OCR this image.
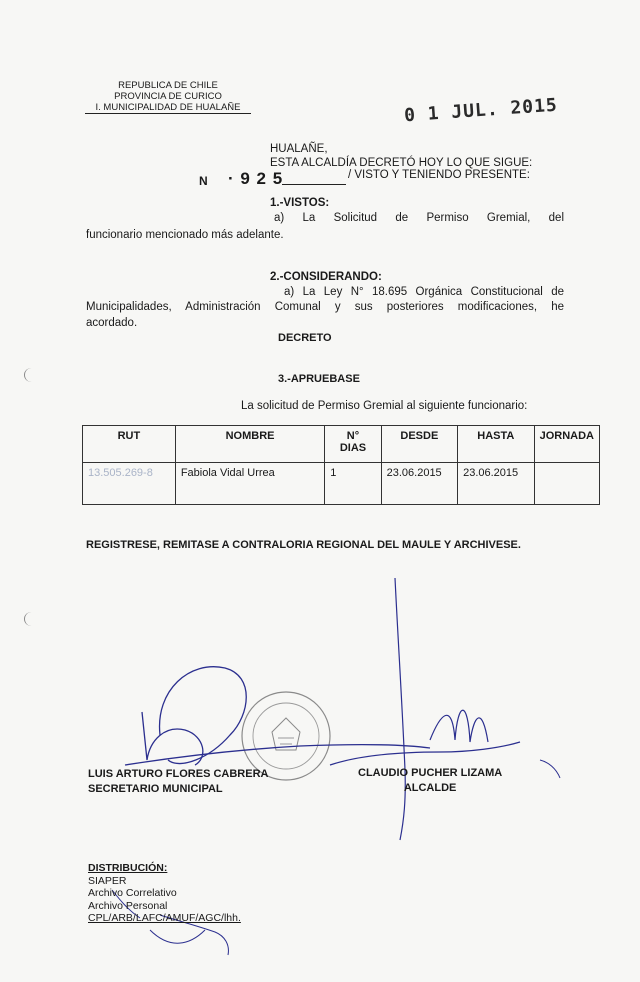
REPUBLICA DE CHILE
PROVINCIA DE CURICO
I. MUNICIPALIDAD DE HUALAÑE	0 1 JUL. 2015
HUALAÑE,
ESTA ALCALDÍA DECRETÓ HOY LO QUE SIGUE:
N · 9 2 5	/ VISTO Y TENIENDO PRESENTE:
1.-VISTOS:
a) La Solicitud de Permiso Gremial, del
funcionario mencionado más adelante.
2.-CONSIDERANDO:
a) La Ley N° 18.695 Orgánica Constitucional de
Municipalidades, Administración Comunal y sus posteriores modificaciones, he
acordado.
DECRETO
3.-APRUEBASE
La solicitud de Permiso Gremial al siguiente funcionario:
RUT	NOMBRE	N° DIAS	DESDE	HASTA	JORNADA
13.505.269-8	Fabiola Vidal Urrea	1	23.06.2015	23.06.2015	
REGISTRESE, REMITASE A CONTRALORIA REGIONAL DEL MAULE Y ARCHIVESE.
LUIS ARTURO FLORES CABRERA
SECRETARIO MUNICIPAL
CLAUDIO PUCHER LIZAMA
ALCALDE
DISTRIBUCIÓN:
SIAPER
Archivo Correlativo
Archivo Personal
CPL/ARB/LAFC/AMUF/AGC/lhh.
